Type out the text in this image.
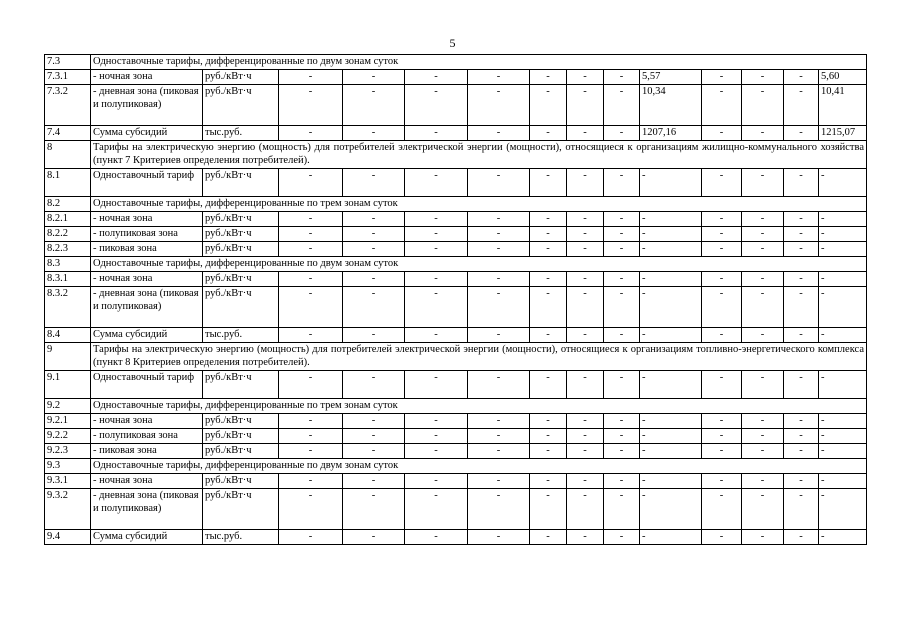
5
7.3	Одноставочные тарифы, дифференцированные по двум зонам суток													
7.3.1	- ночная зона	руб./кВт·ч	-	-	-	-	-	-	-	5,57	-	-	-	5,60
7.3.2	- дневная зона (пиковая и полупиковая)	руб./кВт·ч	-	-	-	-	-	-	-	10,34	-	-	-	10,41
7.4	Сумма субсидий	тыс.руб.	-	-	-	-	-	-	-	1207,16	-	-	-	1215,07
8	Тарифы на электрическую энергию (мощность) для потребителей электрической энергии (мощности), относящиеся к организациям жилищно-коммунального хозяйства (пункт 7 Критериев определения потребителей).													
8.1	Одноставочный тариф	руб./кВт·ч	-	-	-	-	-	-	-	-	-	-	-	-
8.2	Одноставочные тарифы, дифференцированные по трем зонам суток													
8.2.1	- ночная зона	руб./кВт·ч	-	-	-	-	-	-	-	-	-	-	-	-
8.2.2	- полупиковая зона	руб./кВт·ч	-	-	-	-	-	-	-	-	-	-	-	-
8.2.3	- пиковая зона	руб./кВт·ч	-	-	-	-	-	-	-	-	-	-	-	-
8.3	Одноставочные тарифы, дифференцированные по двум зонам суток													
8.3.1	- ночная зона	руб./кВт·ч	-	-	-	-	-	-	-	-	-	-	-	-
8.3.2	- дневная зона (пиковая и полупиковая)	руб./кВт·ч	-	-	-	-	-	-	-	-	-	-	-	-
8.4	Сумма субсидий	тыс.руб.	-	-	-	-	-	-	-	-	-	-	-	-
9	Тарифы на электрическую энергию (мощность) для потребителей электрической энергии (мощности), относящиеся к организациям топливно-энергетического комплекса (пункт 8 Критериев определения потребителей).													
9.1	Одноставочный тариф	руб./кВт·ч	-	-	-	-	-	-	-	-	-	-	-	-
9.2	Одноставочные тарифы, дифференцированные по трем зонам суток													
9.2.1	- ночная зона	руб./кВт·ч	-	-	-	-	-	-	-	-	-	-	-	-
9.2.2	- полупиковая зона	руб./кВт·ч	-	-	-	-	-	-	-	-	-	-	-	-
9.2.3	- пиковая зона	руб./кВт·ч	-	-	-	-	-	-	-	-	-	-	-	-
9.3	Одноставочные тарифы, дифференцированные по двум зонам суток													
9.3.1	- ночная зона	руб./кВт·ч	-	-	-	-	-	-	-	-	-	-	-	-
9.3.2	- дневная зона (пиковая и полупиковая)	руб./кВт·ч	-	-	-	-	-	-	-	-	-	-	-	-
9.4	Сумма субсидий	тыс.руб.	-	-	-	-	-	-	-	-	-	-	-	-
